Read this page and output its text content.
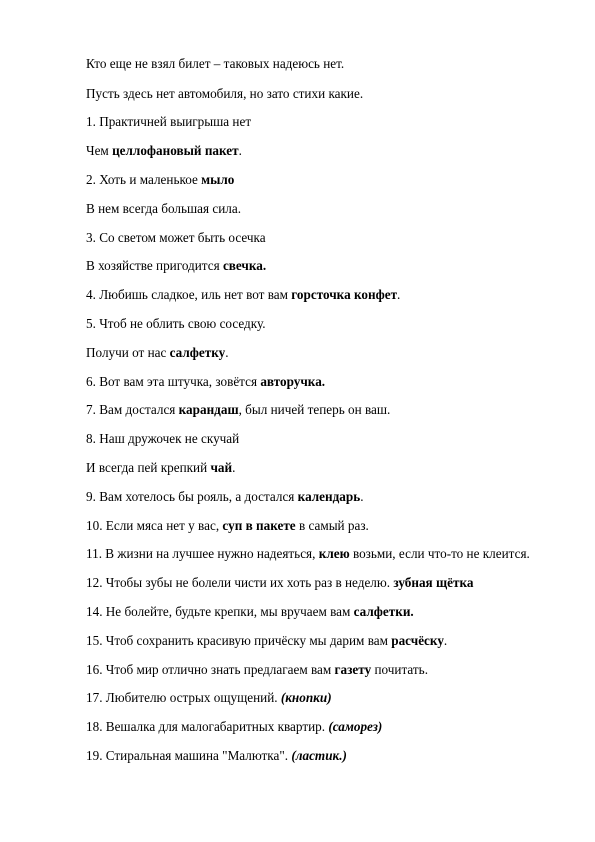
Кто еще не взял билет – таковых надеюсь нет.
Пусть здесь нет автомобиля, но зато стихи какие.
1. Практичней выигрыша нет
Чем целлофановый пакет.
2. Хоть и маленькое мыло
В нем всегда большая сила.
3. Со светом может быть осечка
В хозяйстве пригодится свечка.
4. Любишь сладкое, иль нет вот вам горсточка конфет.
5. Чтоб не облить свою соседку.
Получи от нас салфетку.
6. Вот вам эта штучка, зовётся авторучка.
7. Вам достался карандаш, был ничей теперь он ваш.
8. Наш дружочек не скучай
И всегда пей крепкий чай.
9. Вам хотелось бы рояль, а достался календарь.
10. Если мяса нет у вас, суп в пакете в самый раз.
11. В жизни на лучшее нужно надеяться, клею возьми, если что-то не клеится.
12. Чтобы зубы не болели чисти их хоть раз в неделю. зубная щётка
14. Не болейте, будьте крепки, мы вручаем вам салфетки.
15. Чтоб сохранить красивую причёску мы дарим вам расчёску.
16. Чтоб мир отлично знать предлагаем вам газету почитать.
17. Любителю острых ощущений. (кнопки)
18. Вешалка для малогабаритных квартир. (саморез)
19. Стиральная машина "Малютка". (ластик.)
